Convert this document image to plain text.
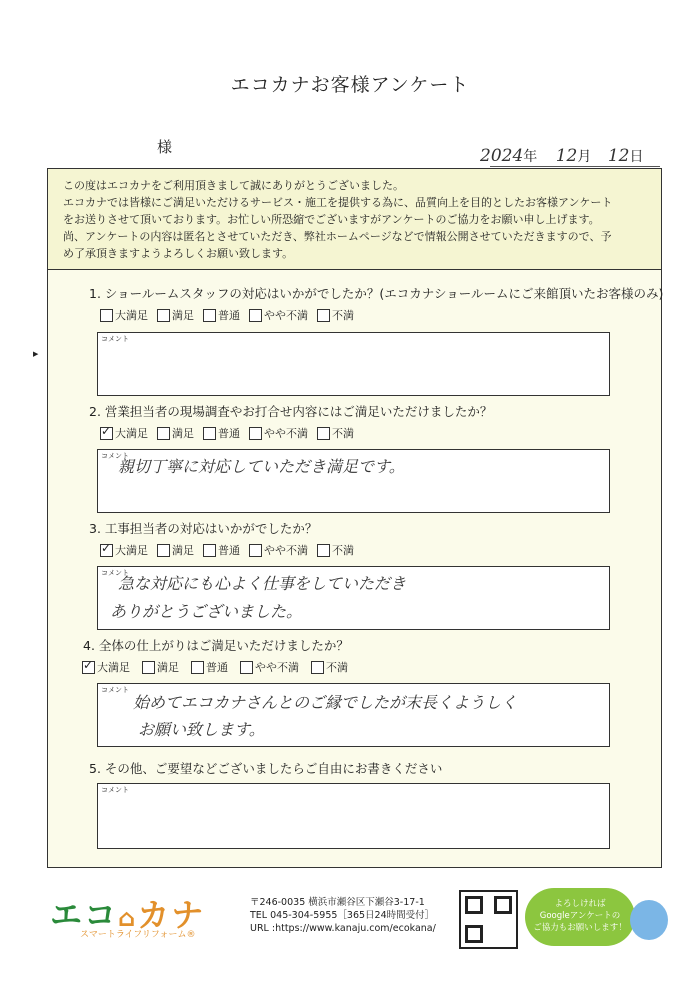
エコカナお客様アンケート
様	2024年 12月 12日

この度はエコカナをご利用頂きまして誠にありがとうございました。

エコカナでは皆様にご満足いただけるサービス・施工を提供する為に、品質向上を目的としたお客様アンケート

をお送りさせて頂いております。お忙しい所恐縮でございますがアンケートのご協力をお願い申し上げます。

尚、アンケートの内容は匿名とさせていただき、弊社ホームページなどで情報公開させていただきますので、予

め了承頂きますようよろしくお願い致します。

1. ショールームスタッフの対応はいかがでしたか？(エコカナショールームにご来館頂いたお客様のみ)
大満足 満足 普通 やや不満 不満
コメント
2. 営業担当者の現場調査やお打合せ内容にはご満足いただけましたか？
✓
大満足 満足 普通 やや不満 不満
コメント
親切丁寧に対応していただき満足です。
3. 工事担当者の対応はいかがでしたか？
✓
大満足 満足 普通 やや不満 不満
コメント
急な対応にも心よく仕事をしていただき
ありがとうございました。
4. 全体の仕上がりはご満足いただけましたか？
✓
大満足 満足 普通 やや不満 不満
コメント
始めてエコカナさんとのご縁でしたが末長くようしく
お願い致します。
5. その他、ご要望などございましたらご自由にお書きください
コメント
▶
エコ⌂カナ
スマートライフリフォーム®
〒246-0035 横浜市瀬谷区下瀬谷3-17-1
TEL 045-304-5955［365日24時間受付］
URL :https://www.kanaju.com/ecokana/
よろしければ
Googleアンケートの
ご協力もお願いします！
